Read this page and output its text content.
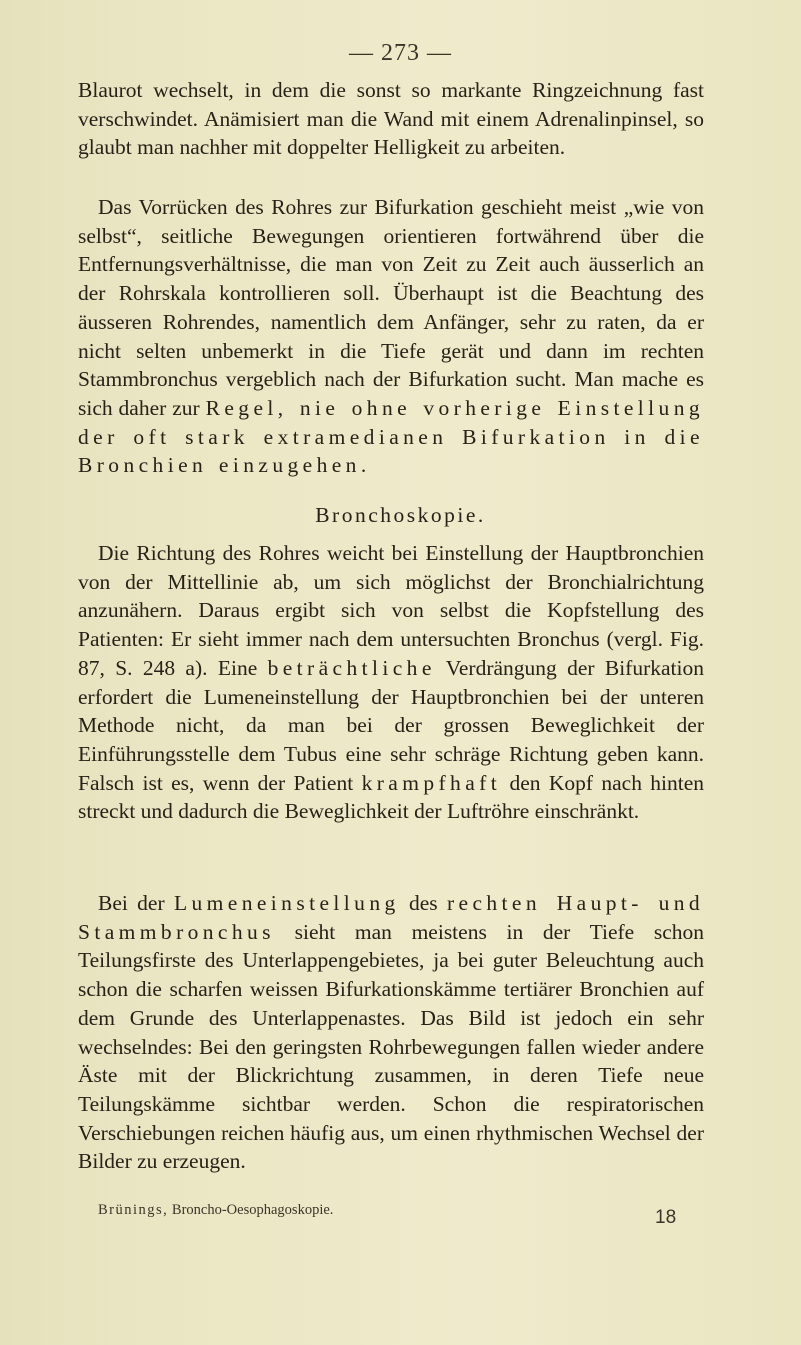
— 273 —

Blaurot wechselt, in dem die sonst so markante Ringzeichnung fast verschwindet. Anämisiert man die Wand mit einem Adrenalinpinsel, so glaubt man nachher mit doppelter Helligkeit zu arbeiten.

Das Vorrücken des Rohres zur Bifurkation geschieht meist „wie von selbst“, seitliche Bewegungen orientieren fortwährend über die Entfernungsverhältnisse, die man von Zeit zu Zeit auch äusserlich an der Rohrskala kontrollieren soll. Überhaupt ist die Beachtung des äusseren Rohrendes, namentlich dem Anfänger, sehr zu raten, da er nicht selten unbemerkt in die Tiefe gerät und dann im rechten Stammbronchus vergeblich nach der Bifurkation sucht. Man mache es sich daher zur Regel, nie ohne vorherige Einstellung der oft stark extramedianen Bifurkation in die Bronchien einzugehen.

Bronchoskopie.

Die Richtung des Rohres weicht bei Einstellung der Hauptbronchien von der Mittellinie ab, um sich möglichst der Bronchialrichtung anzunähern. Daraus ergibt sich von selbst die Kopfstellung des Patienten: Er sieht immer nach dem untersuchten Bronchus (vergl. Fig. 87, S. 248 a). Eine beträchtliche Verdrängung der Bifurkation erfordert die Lumeneinstellung der Hauptbronchien bei der unteren Methode nicht, da man bei der grossen Beweglichkeit der Einführungsstelle dem Tubus eine sehr schräge Richtung geben kann. Falsch ist es, wenn der Patient krampfhaft den Kopf nach hinten streckt und dadurch die Beweglichkeit der Luftröhre einschränkt.

Bei der Lumeneinstellung des rechten Haupt- und Stammbronchus sieht man meistens in der Tiefe schon Teilungsfirste des Unterlappengebietes, ja bei guter Beleuchtung auch schon die scharfen weissen Bifurkationskämme tertiärer Bronchien auf dem Grunde des Unterlappenastes. Das Bild ist jedoch ein sehr wechselndes: Bei den geringsten Rohrbewegungen fallen wieder andere Äste mit der Blickrichtung zusammen, in deren Tiefe neue Teilungskämme sichtbar werden. Schon die respiratorischen Verschiebungen reichen häufig aus, um einen rhythmischen Wechsel der Bilder zu erzeugen.

Brünings, Broncho-Oesophagoskopie.	18
